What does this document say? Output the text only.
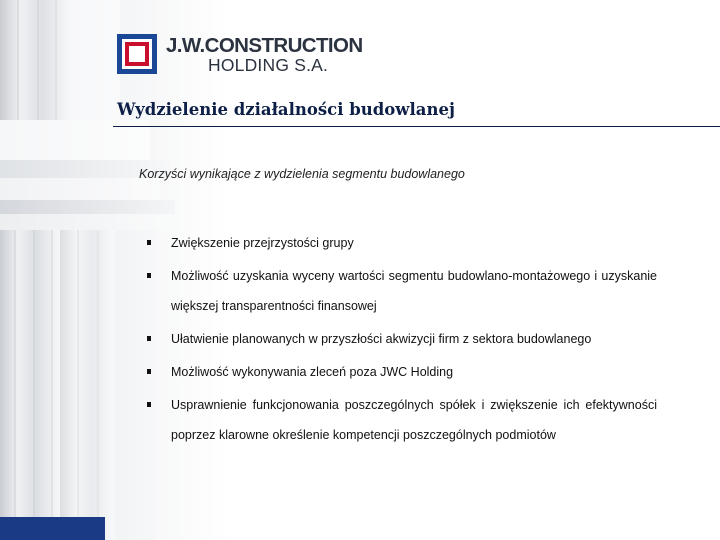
J.W.CONSTRUCTION
HOLDING S.A.
Wydzielenie działalności budowlanej
Korzyści wynikające z wydzielenia segmentu budowlanego
Zwiększenie przejrzystości grupy
Możliwość uzyskania wyceny wartości segmentu budowlano-montażowego i uzyskanie większej transparentności finansowej
Ułatwienie planowanych w przyszłości akwizycji firm z sektora budowlanego
Możliwość wykonywania zleceń poza JWC Holding
Usprawnienie funkcjonowania poszczególnych spółek i zwiększenie ich efektywności poprzez klarowne określenie kompetencji poszczególnych podmiotów
